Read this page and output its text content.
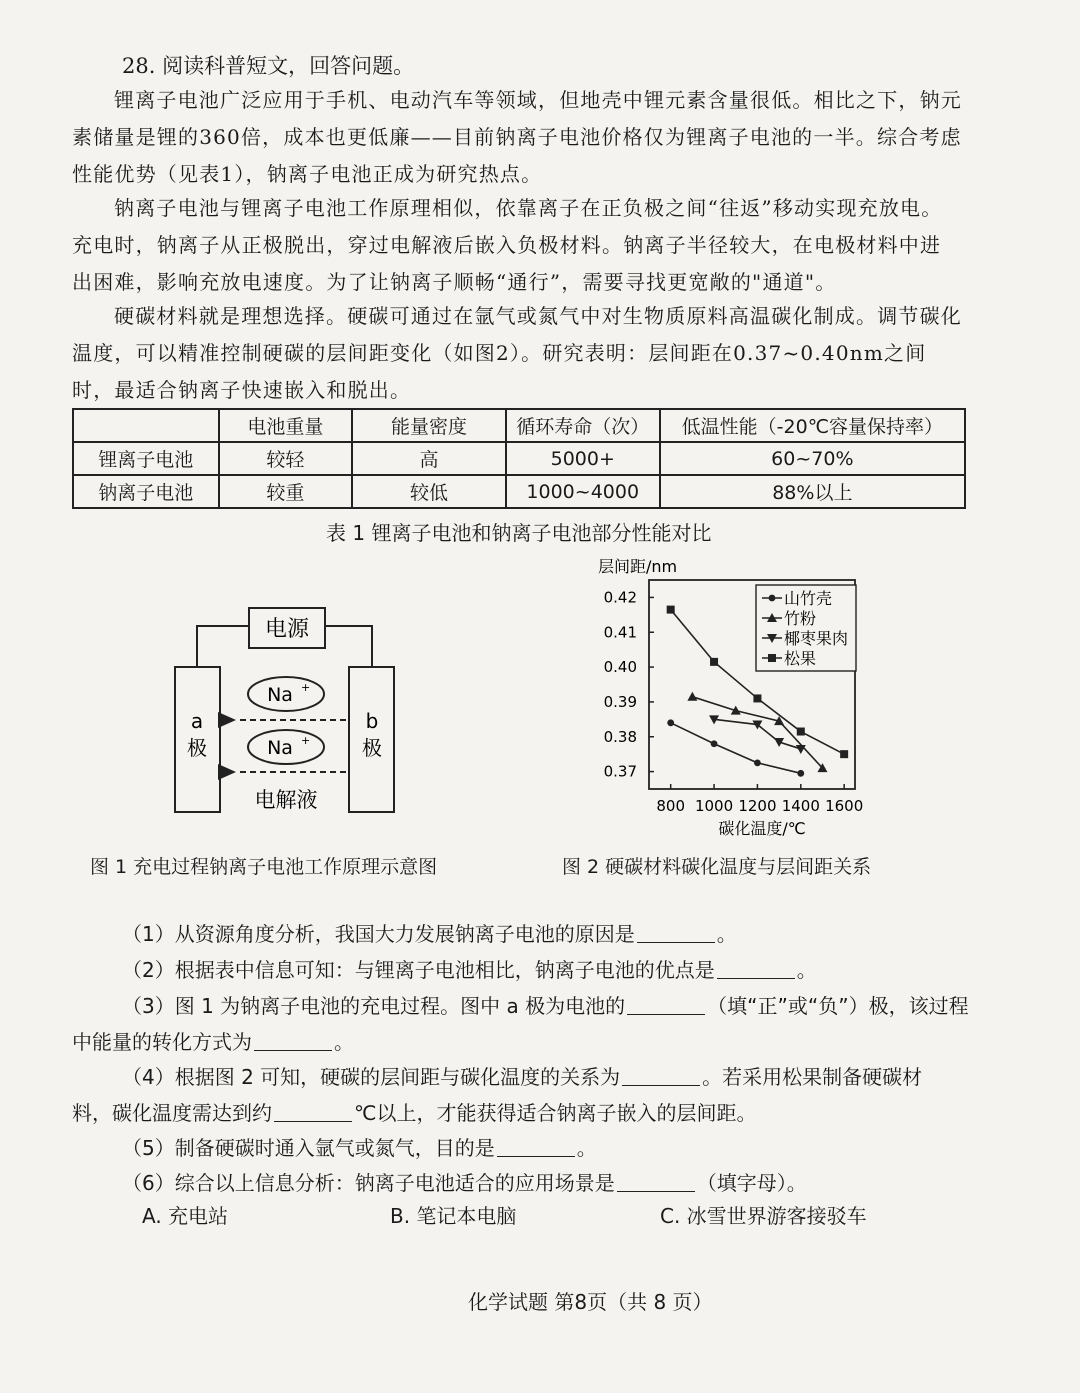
28. 阅读科普短文，回答问题。
锂离子电池广泛应用于手机、电动汽车等领域，但地壳中锂元素含量很低。相比之下，钠元素储量是锂的360倍，成本也更低廉——目前钠离子电池价格仅为锂离子电池的一半。综合考虑性能优势（见表1），钠离子电池正成为研究热点。
钠离子电池与锂离子电池工作原理相似，依靠离子在正负极之间“往返”移动实现充放电。充电时，钠离子从正极脱出，穿过电解液后嵌入负极材料。钠离子半径较大，在电极材料中进出困难，影响充放电速度。为了让钠离子顺畅“通行”，需要寻找更宽敞的"通道"。
硬碳材料就是理想选择。硬碳可通过在氩气或氮气中对生物质原料高温碳化制成。调节碳化温度，可以精准控制硬碳的层间距变化（如图2）。研究表明：层间距在0.37~0.40nm之间时，最适合钠离子快速嵌入和脱出。
	电池重量	能量密度	循环寿命（次）	低温性能（-20℃容量保持率）
锂离子电池	较轻	高	5000+	60~70%
钠离子电池	较重	较低	1000~4000	88%以上
表 1 锂离子电池和钠离子电池部分性能对比
电源
a
极
b
极
Na +
Na +
电解液
图 1 充电过程钠离子电池工作原理示意图
层间距/nm
碳化温度/℃
0.37
0.38
0.39
0.40
0.41
0.42
800 1000 1200 1400 1600
山竹壳
竹粉
椰枣果肉
松果
图 2 硬碳材料碳化温度与层间距关系
（1）从资源角度分析，我国大力发展钠离子电池的原因是	。
（2）根据表中信息可知：与锂离子电池相比，钠离子电池的优点是	。
（3）图 1 为钠离子电池的充电过程。图中 a 极为电池的	（填“正”或“负”）极，该过程中能量的转化方式为	。
（4）根据图 2 可知，硬碳的层间距与碳化温度的关系为	。若采用松果制备硬碳材料，碳化温度需达到约	℃以上，才能获得适合钠离子嵌入的层间距。
（5）制备硬碳时通入氩气或氮气，目的是	。
（6）综合以上信息分析：钠离子电池适合的应用场景是	（填字母）。
A. 充电站	B. 笔记本电脑	C. 冰雪世界游客接驳车
化学试题 第8页（共 8 页）
